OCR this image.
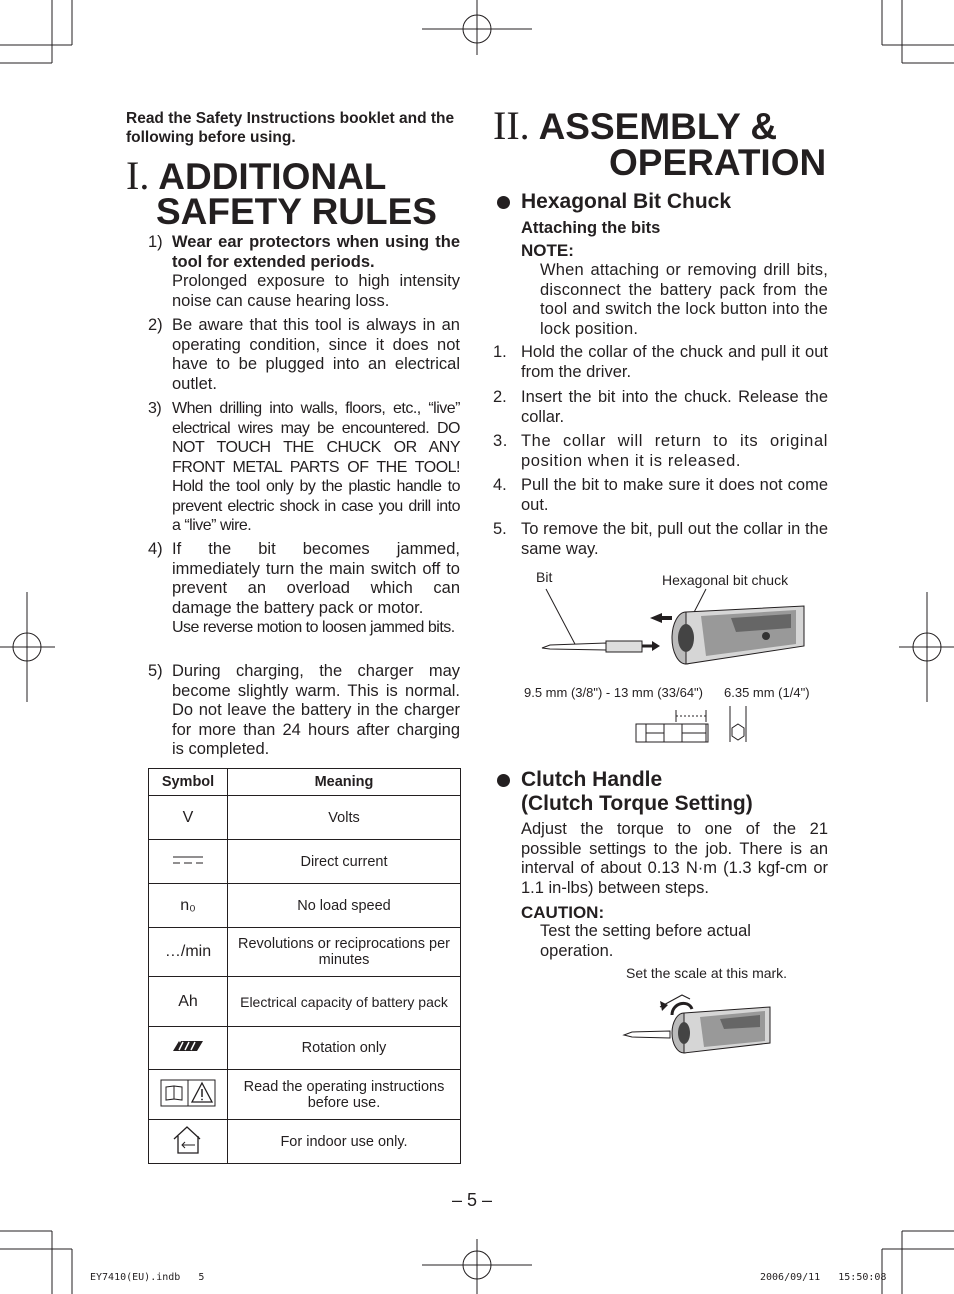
Read the Safety Instructions booklet and the following before using.
I. ADDITIONAL
SAFETY RULES
1) Wear ear protectors when using the tool for extended periods.
Prolonged exposure to high intensity noise can cause hearing loss.
2) Be aware that this tool is always in an operating condition, since it does not have to be plugged into an electrical outlet.
3) When drilling into walls, floors, etc., “live” electrical wires may be encountered. DO NOT TOUCH THE CHUCK OR ANY FRONT METAL PARTS OF THE TOOL! Hold the tool only by the plastic handle to prevent electric shock in case you drill into a “live” wire.
4) If the bit becomes jammed, immediately turn the main switch off to prevent an overload which can damage the battery pack or motor.
Use reverse motion to loosen jammed bits.
5) During charging, the charger may become slightly warm. This is normal. Do not leave the battery in the charger for more than 24 hours after charging is completed.
Symbol	Meaning
V	Volts
	Direct current
n₀	No load speed
…/min	Revolutions or reciprocations per minutes
Ah	Electrical capacity of battery pack
	Rotation only
	Read the operating instructions before use.
	For indoor use only.
II. ASSEMBLY &
OPERATION
Hexagonal Bit Chuck
Attaching the bits
NOTE:
When attaching or removing drill bits, disconnect the battery pack from the tool and switch the lock button into the lock position.
1. Hold the collar of the chuck and pull it out from the driver.
2. Insert the bit into the chuck. Release the collar.
3. The collar will return to its original position when it is released.
4. Pull the bit to make sure it does not come out.
5. To remove the bit, pull out the collar in the same way.
Bit	Hexagonal bit chuck
9.5 mm (3/8") - 13 mm (33/64") 6.35 mm (1/4")
Clutch Handle
(Clutch Torque Setting)
Adjust the torque to one of the 21 possible settings to the job. There is an interval of about 0.13 N·m (1.3 kgf-cm or 1.1 in-lbs) between steps.
CAUTION:
Test the setting before actual operation.
Set the scale at this mark.
– 5 –
EY7410(EU).indb   5	2006/09/11   15:50:08
